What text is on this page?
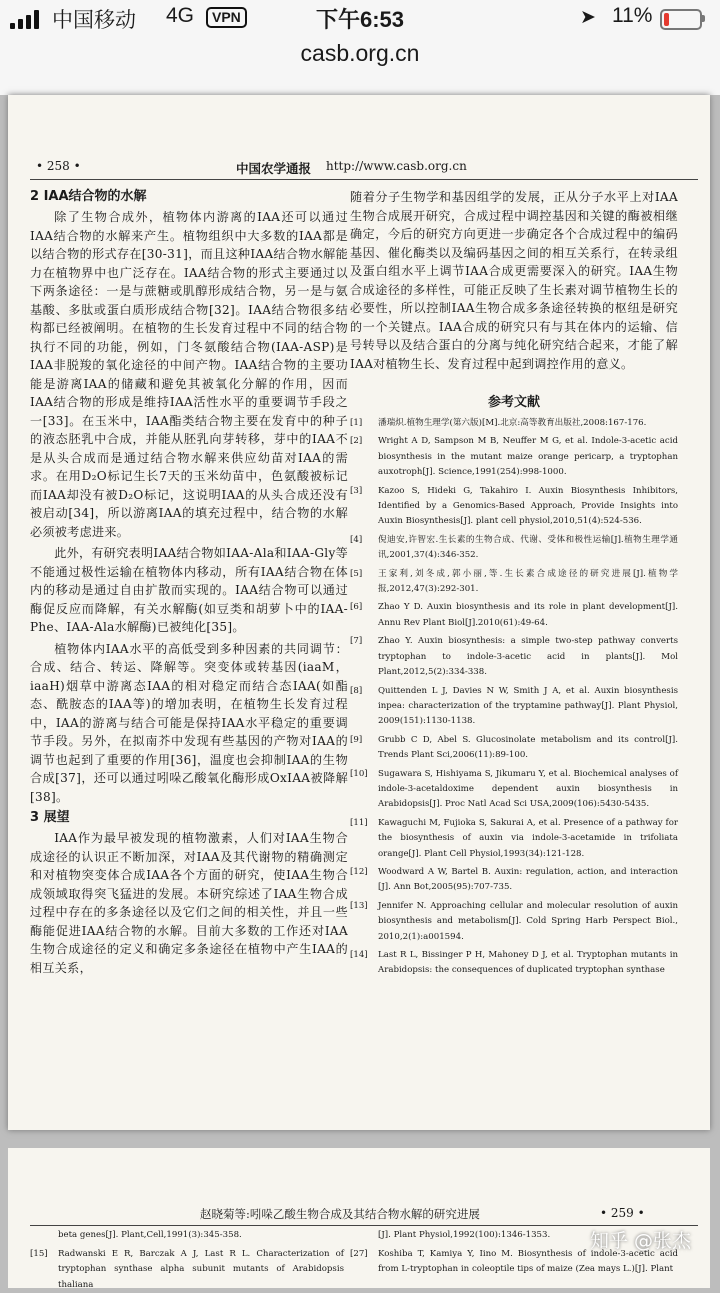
中国移动 4G	VPN	下午6:53	➤ 11%
casb.org.cn
• 258 •	中国农学通报 http://www.casb.org.cn
2 IAA结合物的水解
除了生物合成外，植物体内游离的IAA还可以通过IAA结合物的水解来产生。植物组织中大多数的IAA都是以结合物的形式存在[30-31]，而且这种IAA结合物水解能力在植物界中也广泛存在。IAA结合物的形式主要通过以下两条途径：一是与蔗糖或肌醇形成结合物，另一是与氨基酸、多肽或蛋白质形成结合物[32]。IAA结合物很多结构都已经被阐明。在植物的生长发育过程中不同的结合物执行不同的功能，例如，门冬氨酸结合物(IAA-ASP)是IAA非脱羧的氧化途径的中间产物。IAA结合物的主要功能是游离IAA的储藏和避免其被氧化分解的作用，因而IAA结合物的形成是维持IAA活性水平的重要调节手段之一[33]。在玉米中，IAA酯类结合物主要在发育中的种子的液态胚乳中合成，并能从胚乳向芽转移，芽中的IAA不是从头合成而是通过结合物水解来供应幼苗对IAA的需求。在用D₂O标记生长7天的玉米幼苗中，色氨酸被标记而IAA却没有被D₂O标记，这说明IAA的从头合成还没有被启动[34]，所以游离IAA的填充过程中，结合物的水解必须被考虑进来。
此外，有研究表明IAA结合物如IAA-Ala和IAA-Gly等不能通过极性运输在植物体内移动，所有IAA结合物在体内的移动是通过自由扩散而实现的。IAA结合物可以通过酶促反应而降解，有关水解酶(如豆类和胡萝卜中的IAA-Phe、IAA-Ala水解酶)已被纯化[35]。
植物体内IAA水平的高低受到多种因素的共同调节：合成、结合、转运、降解等。突变体或转基因(iaaM，iaaH)烟草中游离态IAA的相对稳定而结合态IAA(如酯态、酰胺态的IAA等)的增加表明，在植物生长发育过程中，IAA的游离与结合可能是保持IAA水平稳定的重要调节手段。另外，在拟南芥中发现有些基因的产物对IAA的调节也起到了重要的作用[36]，温度也会抑制IAA的生物合成[37]，还可以通过吲哚乙酸氧化酶形成OxIAA被降解[38]。
3 展望
IAA作为最早被发现的植物激素，人们对IAA生物合成途径的认识正不断加深，对IAA及其代谢物的精确测定和对植物突变体合成IAA各个方面的研究，使IAA生物合成领域取得突飞猛进的发展。本研究综述了IAA生物合成过程中存在的多条途径以及它们之间的相关性，并且一些酶能促进IAA结合物的水解。目前大多数的工作还对IAA生物合成途径的定义和确定多条途径在植物中产生IAA的相互关系，
随着分子生物学和基因组学的发展，正从分子水平上对IAA生物合成展开研究，合成过程中调控基因和关键的酶被相继确定，今后的研究方向更进一步确定各个合成过程中的编码基因、催化酶类以及编码基因之间的相互关系行，在转录组及蛋白组水平上调节IAA合成更需要深入的研究。IAA生物合成途径的多样性，可能正反映了生长素对调节植物生长的必要性，所以控制IAA生物合成多条途径转换的枢纽是研究的一个关键点。IAA合成的研究只有与其在体内的运输、信号转导以及结合蛋白的分离与纯化研究结合起来，才能了解IAA对植物生长、发育过程中起到调控作用的意义。
参考文献
[1]	潘瑞炽.植物生理学(第六版)[M].北京:高等教育出版社,2008:167-176.
[2]	Wright A D, Sampson M B, Neuffer M G, et al. Indole-3-acetic acid biosynthesis in the mutant maize orange pericarp, a tryptophan auxotroph[J]. Science,1991(254):998-1000.
[3]	Kazoo S, Hideki G, Takahiro I. Auxin Biosynthesis Inhibitors, Identified by a Genomics-Based Approach, Provide Insights into Auxin Biosynthesis[J]. plant cell physiol,2010,51(4):524-536.
[4]	倪迪安,许智宏.生长素的生物合成、代谢、受体和极性运输[J].植物生理学通讯,2001,37(4):346-352.
[5]	王家利,刘冬成,郭小丽,等.生长素合成途径的研究进展[J].植物学报,2012,47(3):292-301.
[6]	Zhao Y D. Auxin biosynthesis and its role in plant development[J]. Annu Rev Plant Biol[J].2010(61):49-64.
[7]	Zhao Y. Auxin biosynthesis: a simple two-step pathway converts tryptophan to indole-3-acetic acid in plants[J]. Mol Plant,2012,5(2):334-338.
[8]	Quittenden L J, Davies N W, Smith J A, et al. Auxin biosynthesis inpea: characterization of the tryptamine pathway[J]. Plant Physiol, 2009(151):1130-1138.
[9]	Grubb C D, Abel S. Glucosinolate metabolism and its control[J]. Trends Plant Sci,2006(11):89-100.
[10]	Sugawara S, Hishiyama S, Jikumaru Y, et al. Biochemical analyses of indole-3-acetaldoxime dependent auxin biosynthesis in Arabidopsis[J]. Proc Natl Acad Sci USA,2009(106):5430-5435.
[11]	Kawaguchi M, Fujioka S, Sakurai A, et al. Presence of a pathway for the biosynthesis of auxin via indole-3-acetamide in trifoliata orange[J]. Plant Cell Physiol,1993(34):121-128.
[12]	Woodward A W, Bartel B. Auxin: regulation, action, and interaction [J]. Ann Bot,2005(95):707-735.
[13]	Jennifer N. Approaching cellular and molecular resolution of auxin biosynthesis and metabolism[J]. Cold Spring Harb Perspect Biol., 2010,2(1):a001594.
[14]	Last R L, Bissinger P H, Mahoney D J, et al. Tryptophan mutants in Arabidopsis: the consequences of duplicated tryptophan synthase
赵晓菊等:吲哚乙酸生物合成及其结合物水解的研究进展	• 259 •
beta genes[J]. Plant,Cell,1991(3):345-358.
[15]	Radwanski E R, Barczak A J, Last R L. Characterization of tryptophan synthase alpha subunit mutants of Arabidopsis thaliana
[J]. Plant Physiol,1992(100):1346-1353.
[27]	Koshiba T, Kamiya Y, Iino M. Biosynthesis of indole-3-acetic acid from L-tryptophan in coleoptile tips of maize (Zea mays L.)[J]. Plant
知乎 @张杰
